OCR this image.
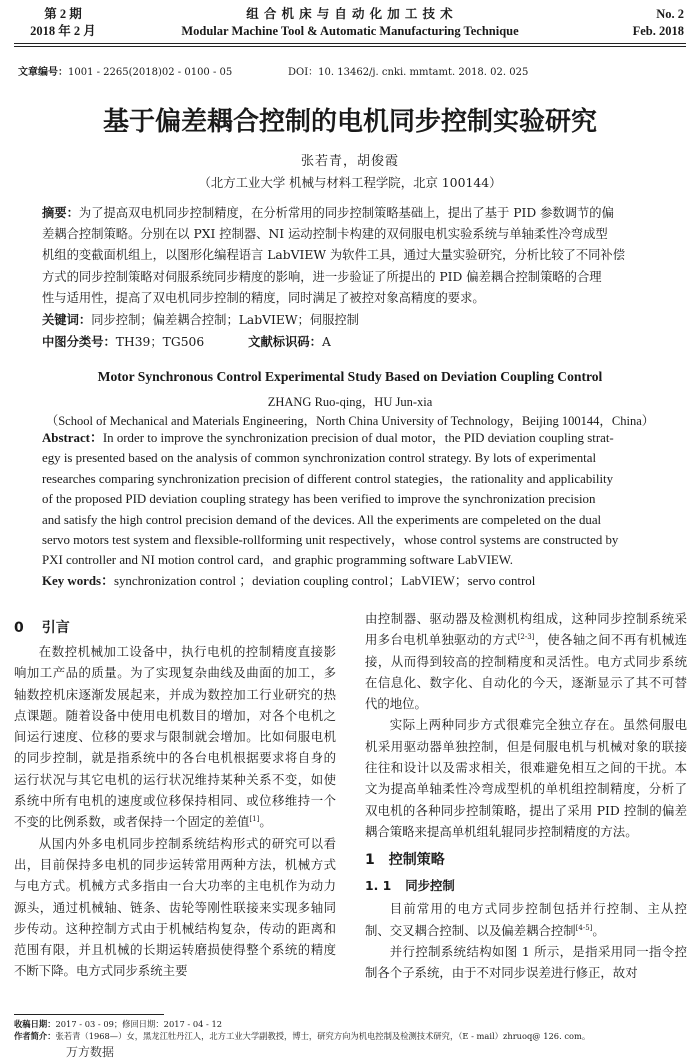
第 2 期
2018 年 2 月
组 合 机 床 与 自 动 化 加 工 技 术
Modular Machine Tool & Automatic Manufacturing Technique
No. 2
Feb. 2018
文章编号：1001 - 2265(2018)02 - 0100 - 05	DOI：10. 13462/j. cnki. mmtamt. 2018. 02. 025
基于偏差耦合控制的电机同步控制实验研究
张若青，胡俊霞
（北方工业大学 机械与材料工程学院，北京 100144）
摘要：为了提高双电机同步控制精度，在分析常用的同步控制策略基础上，提出了基于 PID 参数调节的偏
差耦合控制策略。分别在以 PXI 控制器、NI 运动控制卡构建的双伺服电机实验系统与单轴柔性冷弯成型
机组的变截面机组上，以图形化编程语言 LabVIEW 为软件工具，通过大量实验研究，分析比较了不同补偿
方式的同步控制策略对伺服系统同步精度的影响，进一步验证了所提出的 PID 偏差耦合控制策略的合理
性与适用性，提高了双电机同步控制的精度，同时满足了被控对象高精度的要求。
关键词：同步控制；偏差耦合控制；LabVIEW；伺服控制
中图分类号：TH39；TG506	文献标识码：A
Motor Synchronous Control Experimental Study Based on Deviation Coupling Control
ZHANG Ruo-qing，HU Jun-xia
（School of Mechanical and Materials Engineering，North China University of Technology，Beijing 100144，China）
Abstract：In order to improve the synchronization precision of dual motor，the PID deviation coupling strat-
egy is presented based on the analysis of common synchronization control strategy. By lots of experimental
researches comparing synchronization precision of different control stategies，the rationality and applicability
of the proposed PID deviation coupling strategy has been verified to improve the synchronization precision
and satisfy the high control precision demand of the devices. All the experiments are compeleted on the dual
servo motors test system and flexsible-rollforming unit respectively，whose control systems are constructed by
PXI controller and NI motion control card，and graphic programming software LabVIEW.
Key words：synchronization control ；deviation coupling control；LabVIEW；servo control
0 引言

在数控机械加工设备中，执行电机的控制精度直接影响加工产品的质量。为了实现复杂曲线及曲面的加工，多轴数控机床逐渐发展起来，并成为数控加工行业研究的热点课题。随着设备中使用电机数目的增加，对各个电机之间运行速度、位移的要求与限制就会增加。比如伺服电机的同步控制，就是指系统中的各台电机根据要求将自身的运行状况与其它电机的运行状况维持某种关系不变，如使系统中所有电机的速度或位移保持相同、或位移维持一个不变的比例系数，或者保持一个固定的差值[1]。

从国内外多电机同步控制系统结构形式的研究可以看出，目前保持多电机的同步运转常用两种方法，机械方式与电方式。机械方式多指由一台大功率的主电机作为动力源头，通过机械轴、链条、齿轮等刚性联接来实现多轴同步传动。这种控制方式由于机械结构复杂，传动的距离和范围有限，并且机械的长期运转磨损使得整个系统的精度不断下降。电方式同步系统主要

由控制器、驱动器及检测机构组成，这种同步控制系统采用多台电机单独驱动的方式[2-3]，使各轴之间不再有机械连接，从而得到较高的控制精度和灵活性。电方式同步系统在信息化、数字化、自动化的今天，逐渐显示了其不可替代的地位。

实际上两种同步方式很难完全独立存在。虽然伺服电机采用驱动器单独控制，但是伺服电机与机械对象的联接往往和设计以及需求相关，很难避免相互之间的干扰。本文为提高单轴柔性冷弯成型机的单机组控制精度，分析了双电机的各种同步控制策略，提出了采用 PID 控制的偏差耦合策略来提高单机组轧辊同步控制精度的方法。

1 控制策略
1. 1 同步控制

目前常用的电方式同步控制包括并行控制、主从控制、交叉耦合控制、以及偏差耦合控制[4-5]。

并行控制系统结构如图 1 所示，是指采用同一指令控制各个子系统，由于不对同步误差进行修正，故对

收稿日期：2017 - 03 - 09；修回日期：2017 - 04 - 12
作者简介：张若青（1968—）女，黑龙江牡丹江人，北方工业大学副教授，博士，研究方向为机电控制及检测技术研究，（E - mail）zhruoq@ 126. com。
万方数据
